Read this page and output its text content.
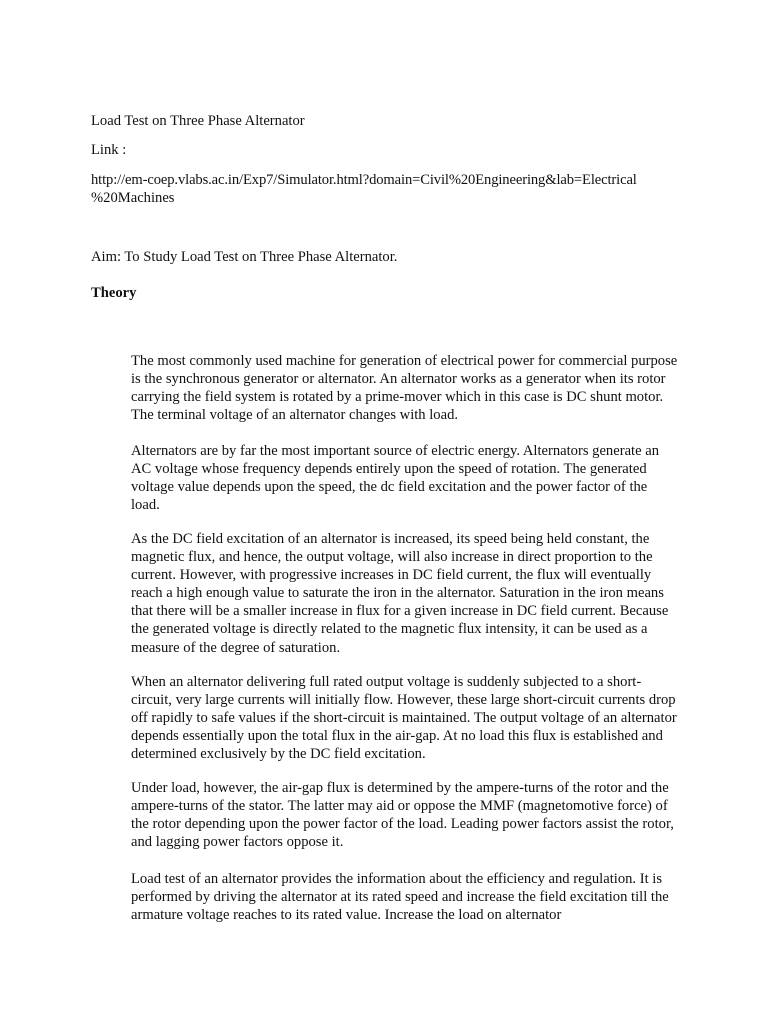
Load Test on Three Phase Alternator
Link :
http://em-coep.vlabs.ac.in/Exp7/Simulator.html?domain=Civil%20Engineering&lab=Electrical
%20Machines
Aim: To Study Load Test on Three Phase Alternator.
Theory

The most commonly used machine for generation of electrical power for commercial purpose is the synchronous generator or alternator. An alternator works as a generator when its rotor carrying the field system is rotated by a prime-mover which in this case is DC shunt motor. The terminal voltage of an alternator changes with load.

Alternators are by far the most important source of electric energy. Alternators generate an AC voltage whose frequency depends entirely upon the speed of rotation. The generated voltage value depends upon the speed, the dc field excitation and the power factor of the load.

As the DC field excitation of an alternator is increased, its speed being held constant, the magnetic flux, and hence, the output voltage, will also increase in direct proportion to the current. However, with progressive increases in DC field current, the flux will eventually reach a high enough value to saturate the iron in the alternator. Saturation in the iron means that there will be a smaller increase in flux for a given increase in DC field current. Because the generated voltage is directly related to the magnetic flux intensity, it can be used as a measure of the degree of saturation.

When an alternator delivering full rated output voltage is suddenly subjected to a short-circuit, very large currents will initially flow. However, these large short-circuit currents drop off rapidly to safe values if the short-circuit is maintained. The output voltage of an alternator depends essentially upon the total flux in the air-gap. At no load this flux is established and determined exclusively by the DC field excitation.

Under load, however, the air-gap flux is determined by the ampere-turns of the rotor and the ampere-turns of the stator. The latter may aid or oppose the MMF (magnetomotive force) of the rotor depending upon the power factor of the load. Leading power factors assist the rotor, and lagging power factors oppose it.

Load test of an alternator provides the information about the efficiency and regulation. It is performed by driving the alternator at its rated speed and increase the field excitation till the armature voltage reaches to its rated value. Increase the load on alternator
